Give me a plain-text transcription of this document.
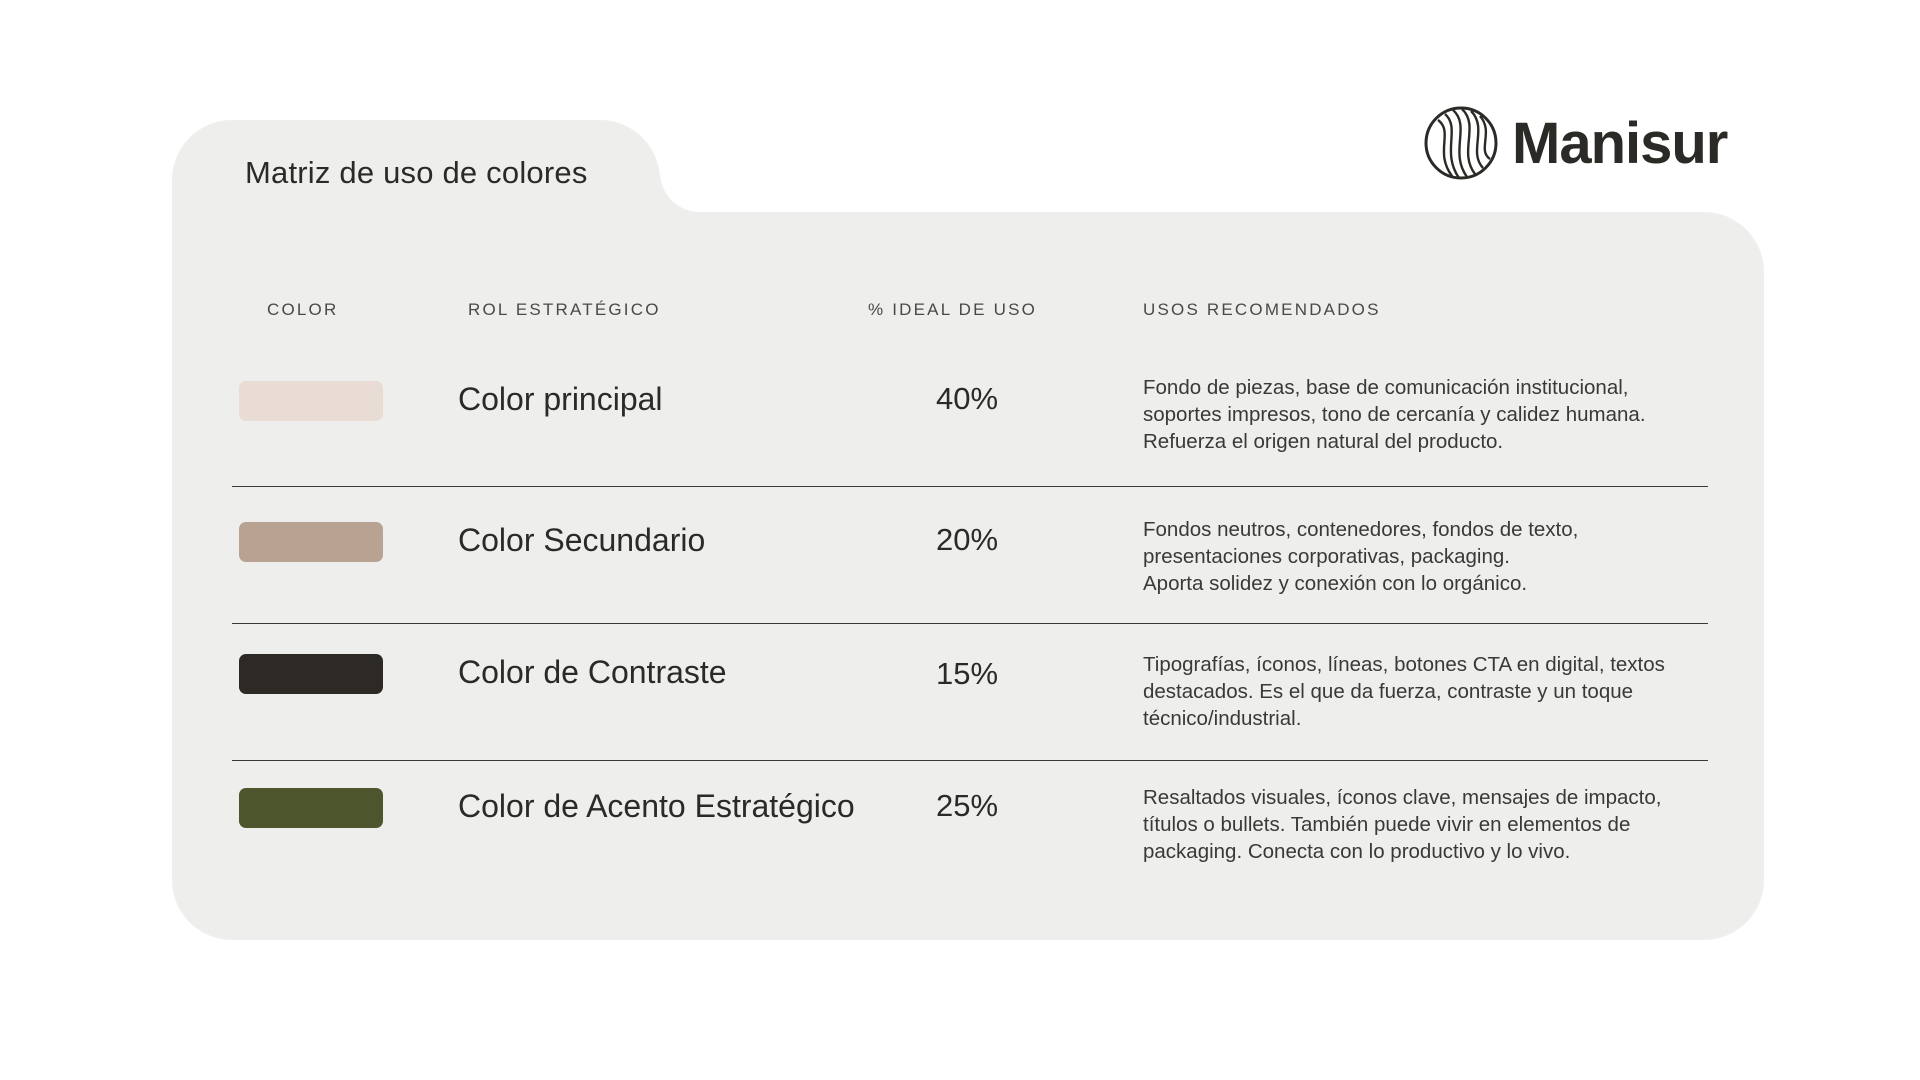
Matriz de uso de colores	Manisur
COLOR	ROL ESTRATÉGICO	% IDEAL DE USO	USOS RECOMENDADOS
Color principal	40%	Fondo de piezas, base de comunicación institucional,
soportes impresos, tono de cercanía y calidez humana.
Refuerza el origen natural del producto.
Color Secundario	20%	Fondos neutros, contenedores, fondos de texto,
presentaciones corporativas, packaging.
Aporta solidez y conexión con lo orgánico.
Color de Contraste	15%	Tipografías, íconos, líneas, botones CTA en digital, textos
destacados. Es el que da fuerza, contraste y un toque
técnico/industrial.
Color de Acento Estratégico	25%	Resaltados visuales, íconos clave, mensajes de impacto,
títulos o bullets. También puede vivir en elementos de
packaging. Conecta con lo productivo y lo vivo.
